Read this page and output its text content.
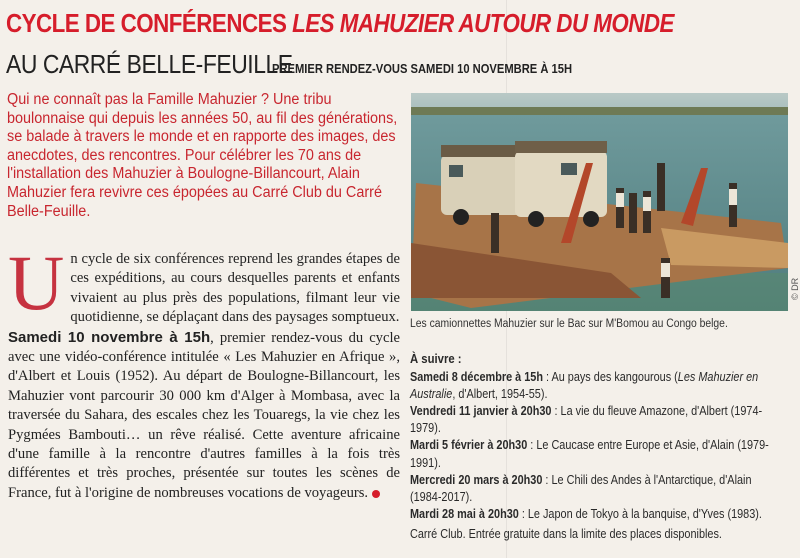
CYCLE DE CONFÉRENCES LES MAHUZIER AUTOUR DU MONDE
AU CARRÉ BELLE-FEUILLE
PREMIER RENDEZ-VOUS SAMEDI 10 NOVEMBRE À 15H
Qui ne connaît pas la Famille Mahuzier ? Une tribu boulonnaise qui depuis les années 50, au fil des générations, se balade à travers le monde et en rapporte des images, des anecdotes, des rencontres. Pour célébrer les 70 ans de l'installation des Mahuzier à Boulogne-Billancourt, Alain Mahuzier fera revivre ces épopées au Carré Club du Carré Belle-Feuille.
U n cycle de six conférences reprend les grandes étapes de ces expéditions, au cours desquelles parents et enfants vivaient au plus près des populations, filmant leur vie quotidienne, se déplaçant dans des paysages somptueux.

Samedi 10 novembre à 15h, premier rendez-vous du cycle avec une vidéo-conférence intitulée « Les Mahuzier en Afrique », d'Albert et Louis (1952). Au départ de Boulogne-Billancourt, les Mahuzier vont parcourir 30 000 km d'Alger à Mombasa, avec la traversée du Sahara, des escales chez les Touaregs, la vie chez les Pygmées Bambouti… un rêve réalisé. Cette aventure africaine d'une famille à la rencontre d'autres familles à la fois très différentes et très proches, présentée sur toutes les scènes de France, fut à l'origine de nombreuses vocations de voyageurs.

© DR
Les camionnettes Mahuzier sur le Bac sur M'Bomou au Congo belge.
À suivre :
Samedi 8 décembre à 15h : Au pays des kangourous (Les Mahuzier en Australie, d'Albert, 1954-55).
Vendredi 11 janvier à 20h30 : La vie du fleuve Amazone, d'Albert (1974-1979).
Mardi 5 février à 20h30 : Le Caucase entre Europe et Asie, d'Alain (1979-1991).
Mercredi 20 mars à 20h30 : Le Chili des Andes à l'Antarctique, d'Alain (1984-2017).
Mardi 28 mai à 20h30 : Le Japon de Tokyo à la banquise, d'Yves (1983).
Carré Club. Entrée gratuite dans la limite des places disponibles.
